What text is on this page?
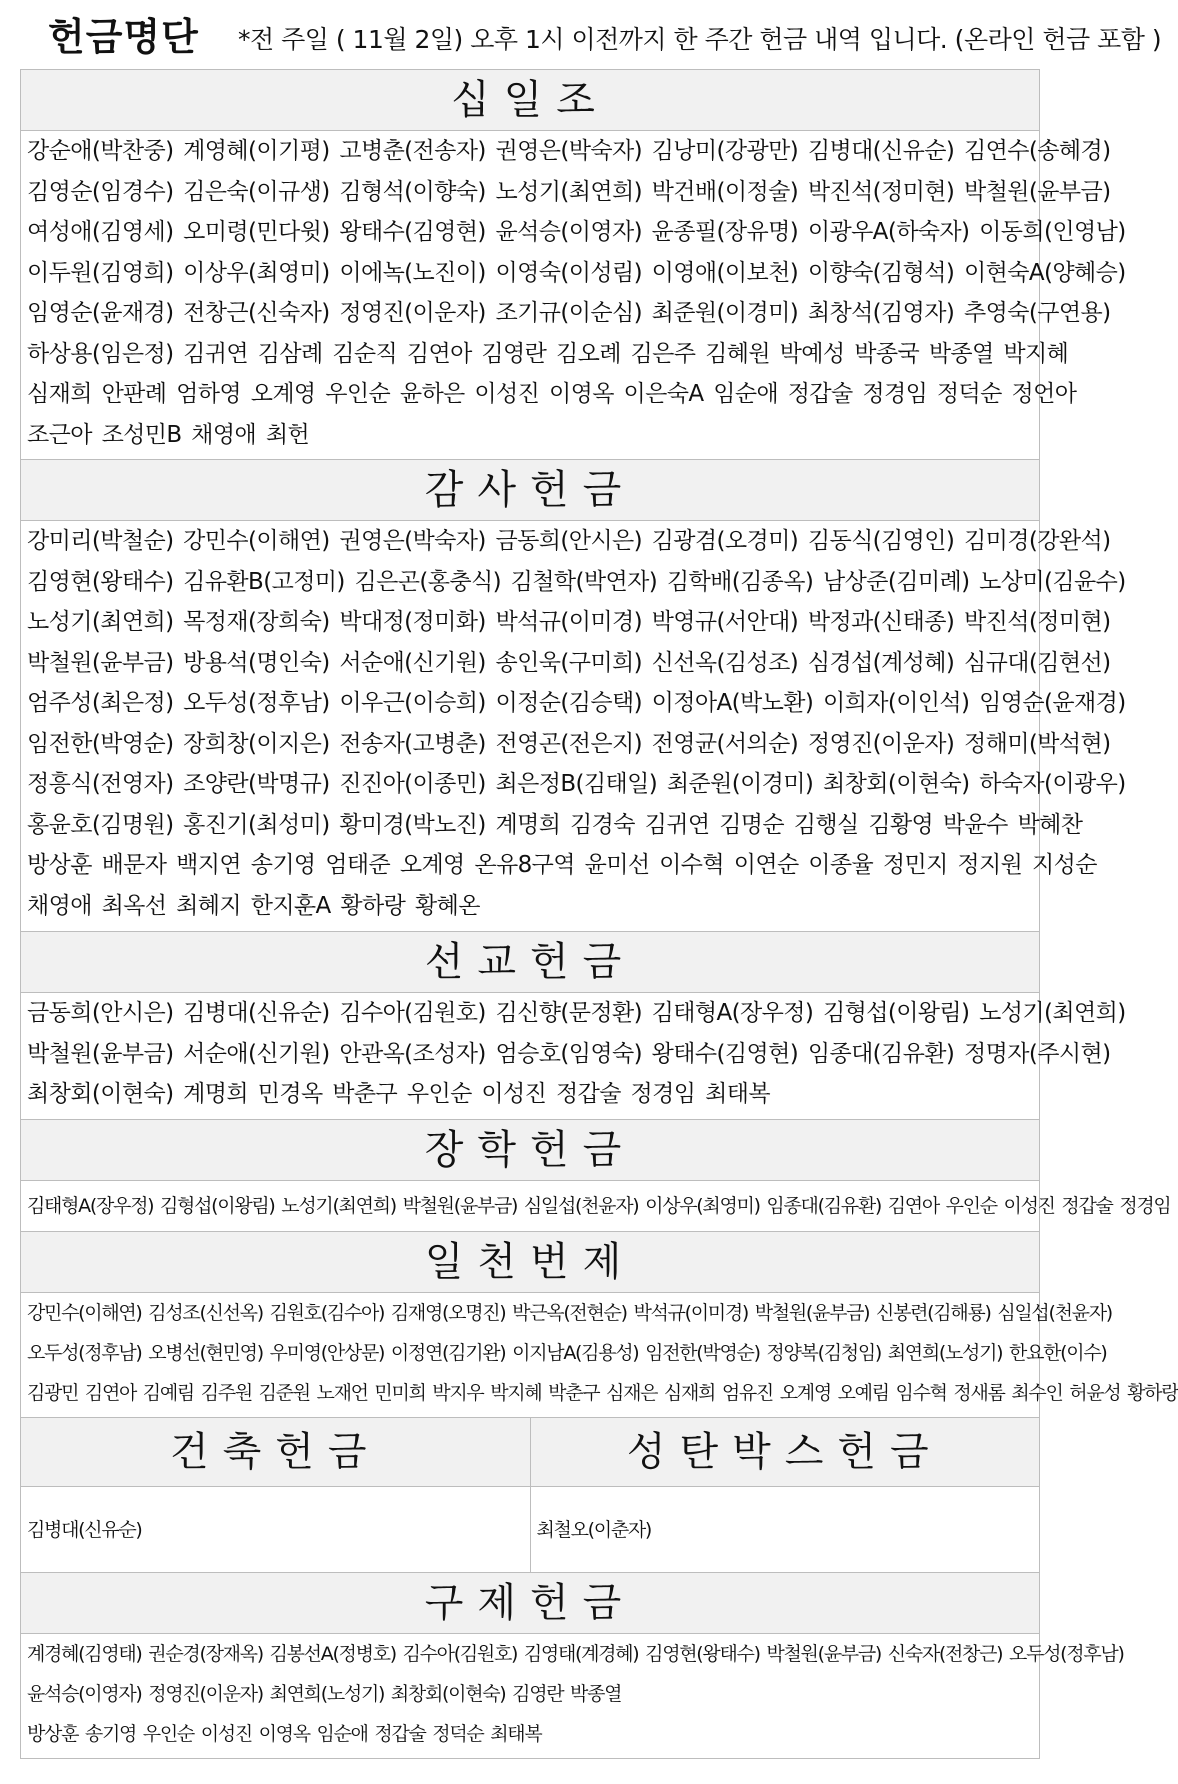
헌금명단 *전 주일 ( 11월 2일) 오후 1시 이전까지 한 주간 헌금 내역 입니다. (온라인 헌금 포함 )
십일조
강순애(박찬중) 계영혜(이기평) 고병춘(전송자) 권영은(박숙자) 김낭미(강광만) 김병대(신유순) 김연수(송혜경)
김영순(임경수) 김은숙(이규생) 김형석(이향숙) 노성기(최연희) 박건배(이정술) 박진석(정미현) 박철원(윤부금)
여성애(김영세) 오미령(민다윗) 왕태수(김영현) 윤석승(이영자) 윤종필(장유명) 이광우A(하숙자) 이동희(인영남)
이두원(김영희) 이상우(최영미) 이에녹(노진이) 이영숙(이성림) 이영애(이보천) 이향숙(김형석) 이현숙A(양혜승)
임영순(윤재경) 전창근(신숙자) 정영진(이운자) 조기규(이순심) 최준원(이경미) 최창석(김영자) 추영숙(구연용)
하상용(임은정) 김귀연 김삼례 김순직 김연아 김영란 김오례 김은주 김혜원 박예성 박종국 박종열 박지혜
심재희 안판례 엄하영 오계영 우인순 윤하은 이성진 이영옥 이은숙A 임순애 정갑술 정경임 정덕순 정언아
조근아 조성민B 채영애 최헌
감사헌금
강미리(박철순) 강민수(이해연) 권영은(박숙자) 금동희(안시은) 김광겸(오경미) 김동식(김영인) 김미경(강완석)
김영현(왕태수) 김유환B(고정미) 김은곤(홍충식) 김철학(박연자) 김학배(김종옥) 남상준(김미례) 노상미(김윤수)
노성기(최연희) 목정재(장희숙) 박대정(정미화) 박석규(이미경) 박영규(서안대) 박정과(신태종) 박진석(정미현)
박철원(윤부금) 방용석(명인숙) 서순애(신기원) 송인욱(구미희) 신선옥(김성조) 심경섭(계성혜) 심규대(김현선)
엄주성(최은정) 오두성(정후남) 이우근(이승희) 이정순(김승택) 이정아A(박노환) 이희자(이인석) 임영순(윤재경)
임전한(박영순) 장희창(이지은) 전송자(고병춘) 전영곤(전은지) 전영균(서의순) 정영진(이운자) 정해미(박석현)
정흥식(전영자) 조양란(박명규) 진진아(이종민) 최은정B(김태일) 최준원(이경미) 최창회(이현숙) 하숙자(이광우)
홍윤호(김명원) 홍진기(최성미) 황미경(박노진) 계명희 김경숙 김귀연 김명순 김행실 김황영 박윤수 박혜찬
방상훈 배문자 백지연 송기영 엄태준 오계영 온유8구역 윤미선 이수혁 이연순 이종율 정민지 정지원 지성순
채영애 최옥선 최혜지 한지훈A 황하랑 황혜온
선교헌금
금동희(안시은) 김병대(신유순) 김수아(김원호) 김신향(문정환) 김태형A(장우정) 김형섭(이왕림) 노성기(최연희)
박철원(윤부금) 서순애(신기원) 안관옥(조성자) 엄승호(임영숙) 왕태수(김영현) 임종대(김유환) 정명자(주시현)
최창회(이현숙) 계명희 민경옥 박춘구 우인순 이성진 정갑술 정경임 최태복
장학헌금
김태형A(장우정) 김형섭(이왕림) 노성기(최연희) 박철원(윤부금) 심일섭(천윤자) 이상우(최영미) 임종대(김유환) 김연아 우인순 이성진 정갑술 정경임
일천번제
강민수(이해연) 김성조(신선옥) 김원호(김수아) 김재영(오명진) 박근옥(전현순) 박석규(이미경) 박철원(윤부금) 신봉련(김해룡) 심일섭(천윤자)
오두성(정후남) 오병선(현민영) 우미영(안상문) 이정연(김기완) 이지남A(김용성) 임전한(박영순) 정양복(김청임) 최연희(노성기) 한요한(이수)
김광민 김연아 김예림 김주원 김준원 노재언 민미희 박지우 박지혜 박춘구 심재은 심재희 엄유진 오계영 오예림 임수혁 정새롬 최수인 허윤성 황하랑
건축헌금
김병대(신유순)
성탄박스헌금
최철오(이춘자)
구제헌금
계경혜(김영태) 권순경(장재옥) 김봉선A(정병호) 김수아(김원호) 김영태(계경혜) 김영현(왕태수) 박철원(윤부금) 신숙자(전창근) 오두성(정후남)
윤석승(이영자) 정영진(이운자) 최연희(노성기) 최창회(이현숙) 김영란 박종열
방상훈 송기영 우인순 이성진 이영옥 임순애 정갑술 정덕순 최태복
